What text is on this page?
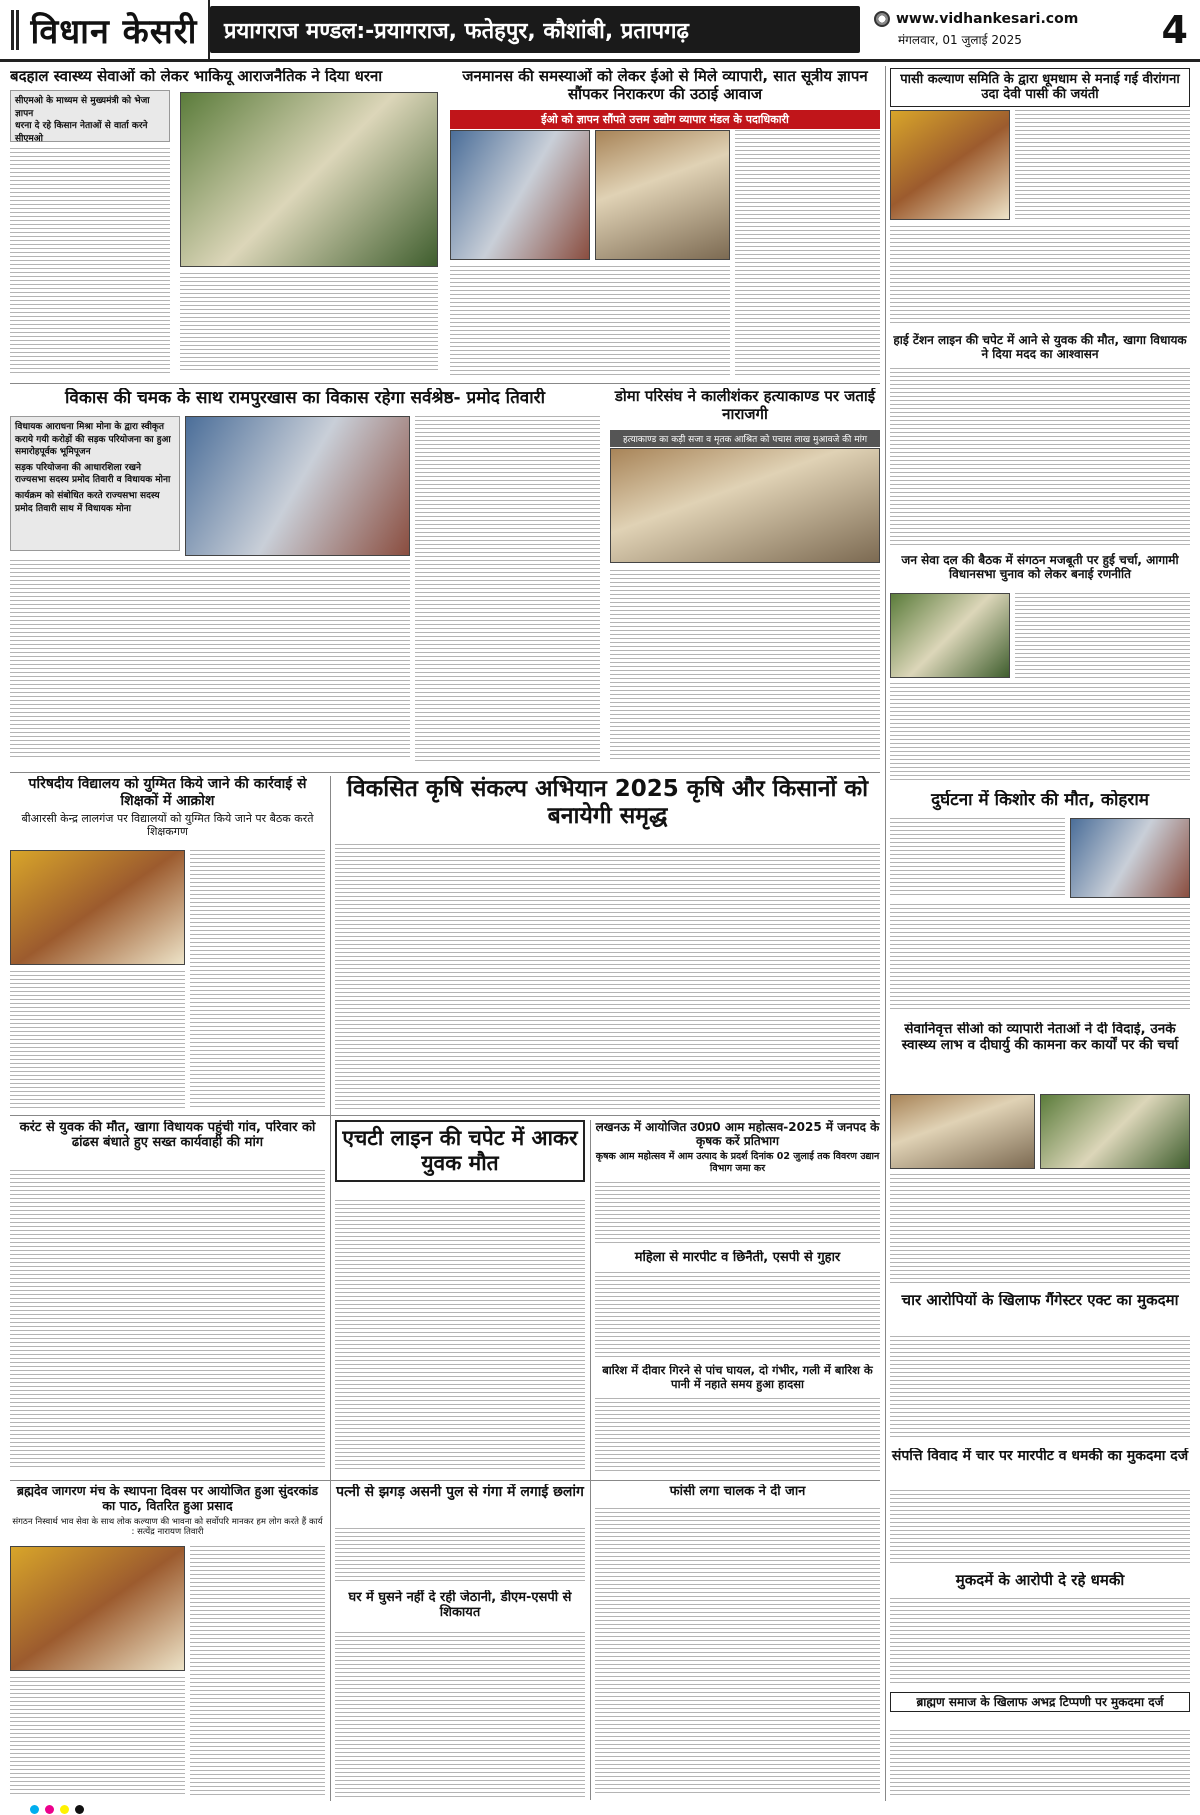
विधान केसरी	प्रयागराज मण्डल:-प्रयागराज, फतेहपुर, कौशांबी, प्रतापगढ़	www.vidhankesari.com
मंगलवार, 01 जुलाई 2025	4
बदहाल स्वास्थ्य सेवाओं को लेकर भाकियू आराजनैतिक ने दिया धरना
सीएमओ के माध्यम से मुख्यमंत्री को भेजा ज्ञापन
धरना दे रहे किसान नेताओं से वार्ता करने सीएमओ
जनमानस की समस्याओं को लेकर ईओ से मिले व्यापारी, सात सूत्रीय ज्ञापन सौंपकर निराकरण की उठाई आवाज
ईओ को ज्ञापन सौंपते उत्तम उद्योग व्यापार मंडल के पदाधिकारी
पासी कल्याण समिति के द्वारा धूमधाम से मनाई गई वीरांगना उदा देवी पासी की जयंती
हाई टेंशन लाइन की चपेट में आने से युवक की मौत, खागा विधायक ने दिया मदद का आश्वासन
विकास की चमक के साथ रामपुरखास का विकास रहेगा सर्वश्रेष्ठ- प्रमोद तिवारी
विधायक आराधना मिश्रा मोना के द्वारा स्वीकृत कराये गयी करोड़ों की सड़क परियोजना का हुआ समारोहपूर्वक भूमिपूजन
सड़क परियोजना की आधारशिला रखने राज्यसभा सदस्य प्रमोद तिवारी व विधायक मोना
कार्यक्रम को संबोधित करते राज्यसभा सदस्य प्रमोद तिवारी साथ में विधायक मोना
डोमा परिसंघ ने कालीशंकर हत्याकाण्ड पर जताई नाराजगी
हत्याकाण्ड का कड़ी सजा व मृतक आश्रित को पचास लाख मुआवजे की मांग
जन सेवा दल की बैठक में संगठन मजबूती पर हुई चर्चा, आगामी विधानसभा चुनाव को लेकर बनाई रणनीति
परिषदीय विद्यालय को युग्मित किये जाने की कार्रवाई से शिक्षकों में आक्रोश
बीआरसी केन्द्र लालगंज पर विद्यालयों को युग्मित किये जाने पर बैठक करते शिक्षकगण
विकसित कृषि संकल्प अभियान 2025 कृषि और किसानों को बनायेगी समृद्ध
दुर्घटना में किशोर की मौत, कोहराम
सेवानिवृत्त सीओ को व्यापारी नेताओं ने दी विदाई, उनके स्वास्थ्य लाभ व दीघार्यु की कामना कर कार्यों पर की चर्चा
करंट से युवक की मौत, खागा विधायक पहुंची गांव, परिवार को ढांढस बंधाते हुए सख्त कार्यवाही की मांग	एचटी लाइन की चपेट में आकर युवक मौत
लखनऊ में आयोजित उ0प्र0 आम महोत्सव-2025 में जनपद के कृषक करें प्रतिभाग
कृषक आम महोत्सव में आम उत्पाद के प्रदर्श दिनांक 02 जुलाई तक विवरण उद्यान विभाग जमा कर
महिला से मारपीट व छिनैती, एसपी से गुहार
बारिश में दीवार गिरने से पांच घायल, दो गंभीर, गली में बारिश के पानी में नहाते समय हुआ हादसा
चार आरोपियों के खिलाफ गैंगेस्टर एक्ट का मुकदमा
ब्रह्मदेव जागरण मंच के स्थापना दिवस पर आयोजित हुआ सुंदरकांड का पाठ, वितरित हुआ प्रसाद
संगठन निस्वार्थ भाव सेवा के साथ लोक कल्याण की भावना को सर्वोपरि मानकर हम लोग करते हैं कार्य : सत्येंद्र नारायण तिवारी
पत्नी से झगड़ असनी पुल से गंगा में लगाई छलांग
घर में घुसने नहीं दे रही जेठानी, डीएम-एसपी से शिकायत
फांसी लगा चालक ने दी जान
संपत्ति विवाद में चार पर मारपीट व धमकी का मुकदमा दर्ज
मुकदमें के आरोपी दे रहे धमकी
ब्राह्मण समाज के खिलाफ अभद्र टिप्पणी पर मुकदमा दर्ज
